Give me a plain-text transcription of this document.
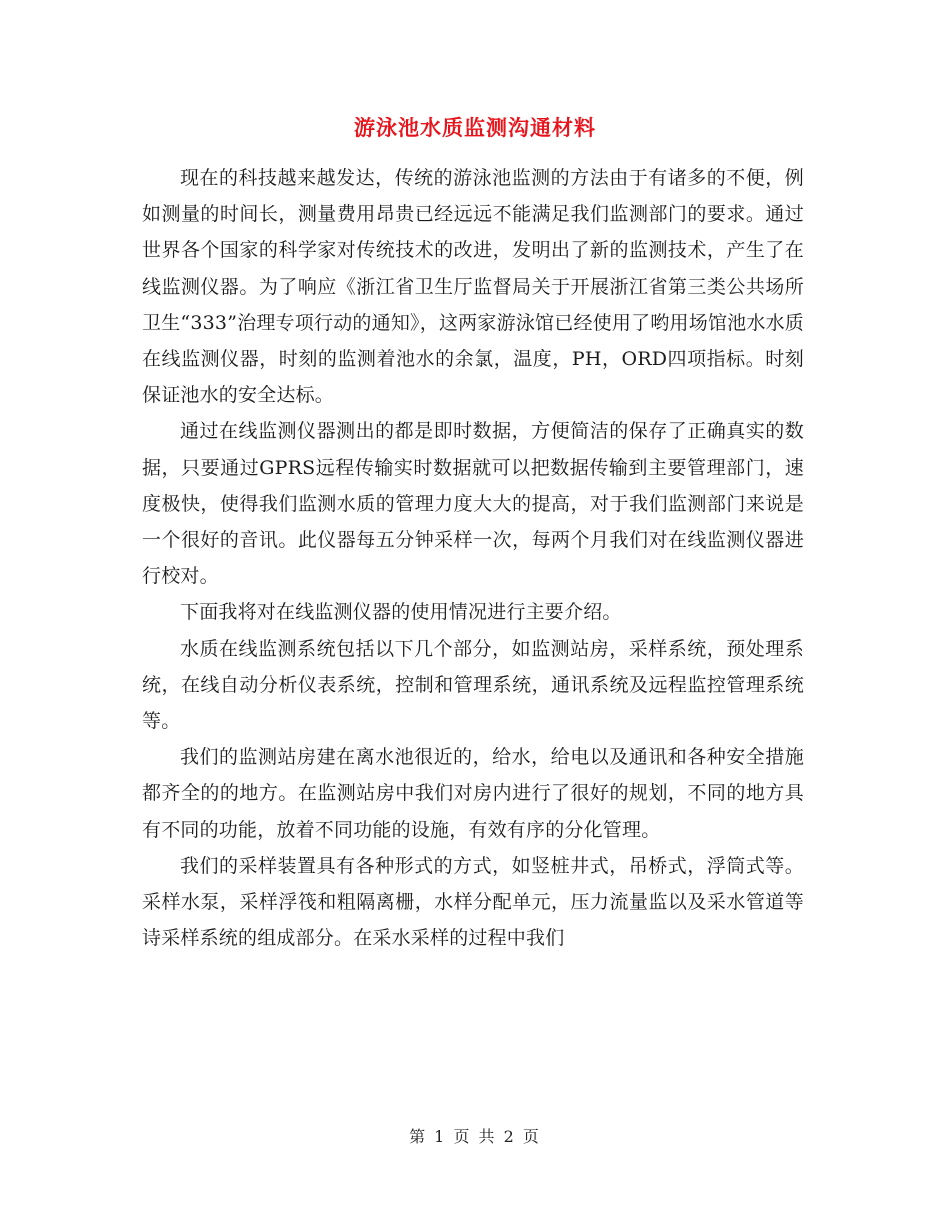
游泳池水质监测沟通材料

现在的科技越来越发达，传统的游泳池监测的方法由于有诸多的不便，例如测量的时间长，测量费用昂贵已经远远不能满足我们监测部门的要求。通过世界各个国家的科学家对传统技术的改进，发明出了新的监测技术，产生了在线监测仪器。为了响应《浙江省卫生厅监督局关于开展浙江省第三类公共场所卫生“333”治理专项行动的通知》，这两家游泳馆已经使用了哟用场馆池水水质在线监测仪器，时刻的监测着池水的余氯，温度，PH，ORD四项指标。时刻保证池水的安全达标。

通过在线监测仪器测出的都是即时数据，方便简洁的保存了正确真实的数据，只要通过GPRS远程传输实时数据就可以把数据传输到主要管理部门，速度极快，使得我们监测水质的管理力度大大的提高，对于我们监测部门来说是一个很好的音讯。此仪器每五分钟采样一次，每两个月我们对在线监测仪器进行校对。

下面我将对在线监测仪器的使用情况进行主要介绍。

水质在线监测系统包括以下几个部分，如监测站房，采样系统，预处理系统，在线自动分析仪表系统，控制和管理系统，通讯系统及远程监控管理系统等。

我们的监测站房建在离水池很近的，给水，给电以及通讯和各种安全措施都齐全的的地方。在监测站房中我们对房内进行了很好的规划，不同的地方具有不同的功能，放着不同功能的设施，有效有序的分化管理。

我们的采样装置具有各种形式的方式，如竖桩井式，吊桥式，浮筒式等。采样水泵，采样浮筏和粗隔离栅，水样分配单元，压力流量监以及采水管道等诗采样系统的组成部分。在采水采样的过程中我们

第 1 页 共 2 页
